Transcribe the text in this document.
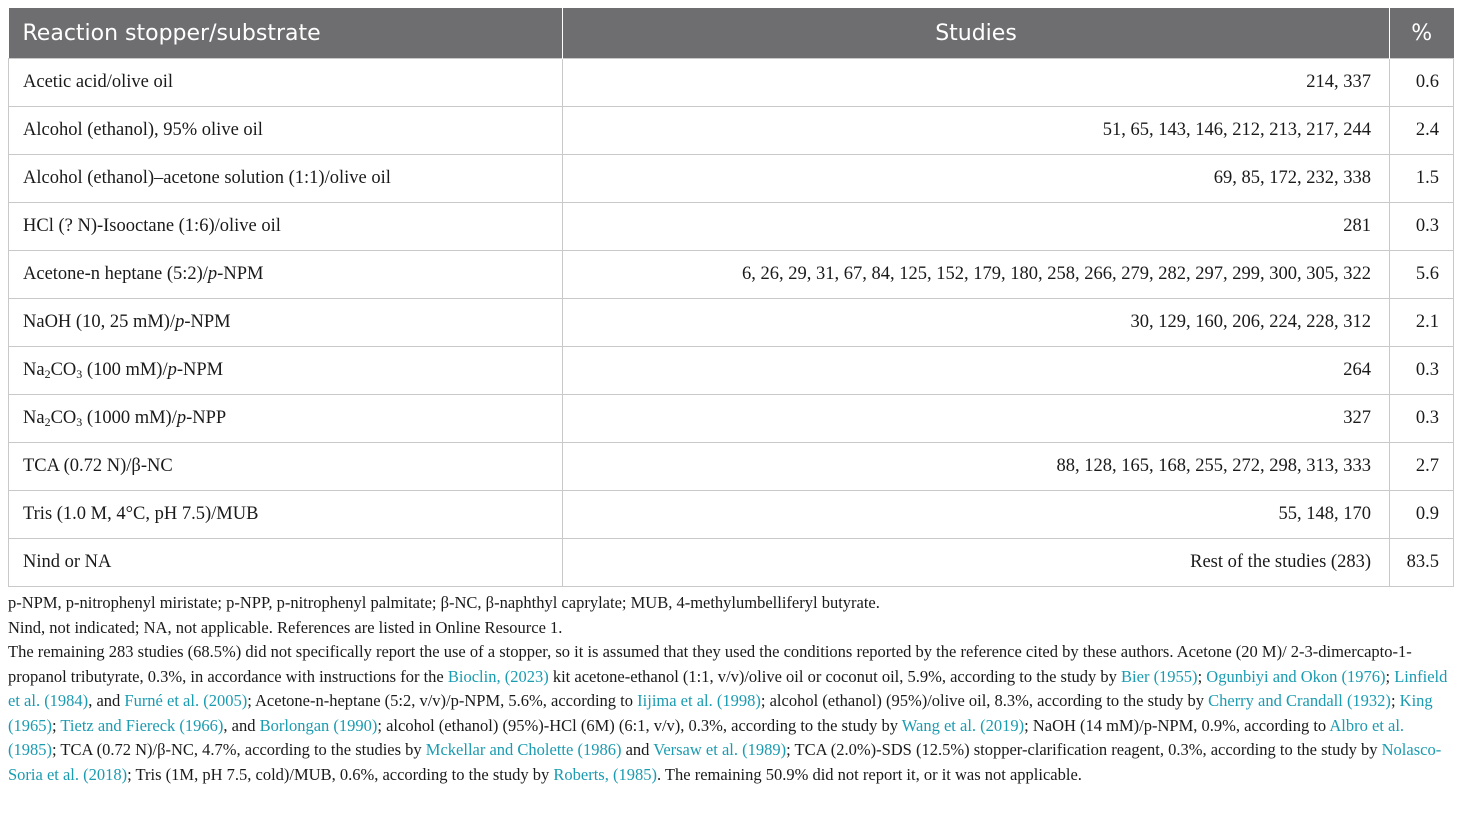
Reaction stopper/substrate	Studies	%
Acetic acid/olive oil	214, 337	0.6
Alcohol (ethanol), 95% olive oil	51, 65, 143, 146, 212, 213, 217, 244	2.4
Alcohol (ethanol)–acetone solution (1:1)/olive oil	69, 85, 172, 232, 338	1.5
HCl (? N)-Isooctane (1:6)/olive oil	281	0.3
Acetone-n heptane (5:2)/p-NPM	6, 26, 29, 31, 67, 84, 125, 152, 179, 180, 258, 266, 279, 282, 297, 299, 300, 305, 322	5.6
NaOH (10, 25 mM)/p-NPM	30, 129, 160, 206, 224, 228, 312	2.1
$Na_2CO_3$ (100 mM)/p-NPM	264	0.3
$Na_2CO_3$ (1000 mM)/p-NPP	327	0.3
TCA (0.72 N)/β-NC	88, 128, 165, 168, 255, 272, 298, 313, 333	2.7
Tris (1.0 M, 4°C, pH 7.5)/MUB	55, 148, 170	0.9
Nind or NA	Rest of the studies (283)	83.5

p-NPM, p-nitrophenyl miristate; p-NPP, p-nitrophenyl palmitate; β-NC, β-naphthyl caprylate; MUB, 4-methylumbelliferyl butyrate.

Nind, not indicated; NA, not applicable. References are listed in Online Resource 1.

The remaining 283 studies (68.5%) did not specifically report the use of a stopper, so it is assumed that they used the conditions reported by the reference cited by these authors. Acetone (20 M)/ 2-3-dimercapto-1-propanol tributyrate, 0.3%, in accordance with instructions for the Bioclin, (2023) kit acetone-ethanol (1:1, v/v)/olive oil or coconut oil, 5.9%, according to the study by Bier (1955); Ogunbiyi and Okon (1976); Linfield et al. (1984), and Furné et al. (2005); Acetone-n-heptane (5:2, v/v)/p-NPM, 5.6%, according to Iijima et al. (1998); alcohol (ethanol) (95%)/olive oil, 8.3%, according to the study by Cherry and Crandall (1932); King (1965); Tietz and Fiereck (1966), and Borlongan (1990); alcohol (ethanol) (95%)-HCl (6M) (6:1, v/v), 0.3%, according to the study by Wang et al. (2019); NaOH (14 mM)/p-NPM, 0.9%, according to Albro et al. (1985); TCA (0.72 N)/β-NC, 4.7%, according to the studies by Mckellar and Cholette (1986) and Versaw et al. (1989); TCA (2.0%)-SDS (12.5%) stopper-clarification reagent, 0.3%, according to the study by Nolasco-Soria et al. (2018); Tris (1M, pH 7.5, cold)/MUB, 0.6%, according to the study by Roberts, (1985). The remaining 50.9% did not report it, or it was not applicable.
